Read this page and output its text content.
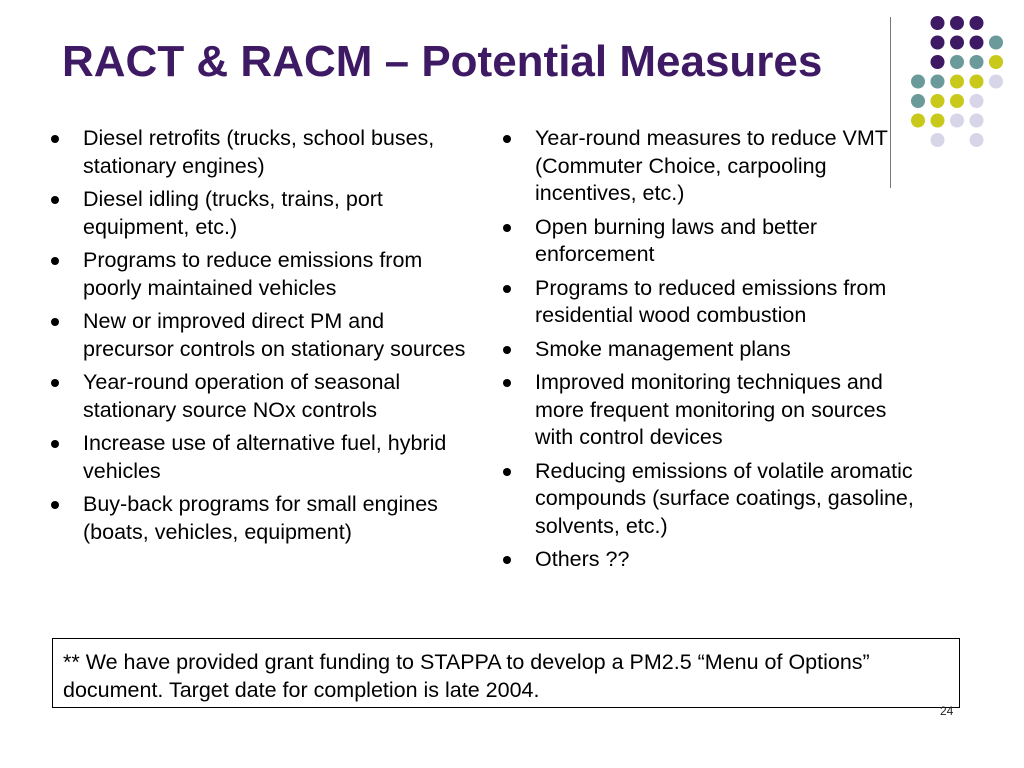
RACT & RACM – Potential Measures
Diesel retrofits (trucks, school buses, stationary engines)
Diesel idling (trucks, trains, port equipment, etc.)
Programs to reduce emissions from poorly maintained vehicles
New or improved direct PM and precursor controls on stationary sources
Year-round operation of seasonal stationary source NOx controls
Increase use of alternative fuel, hybrid vehicles
Buy-back programs for small engines (boats, vehicles, equipment)
Year-round measures to reduce VMT (Commuter Choice, carpooling incentives, etc.)
Open burning laws and better enforcement
Programs to reduced emissions from residential wood combustion
Smoke management plans
Improved monitoring techniques and more frequent monitoring on sources with control devices
Reducing emissions of volatile aromatic compounds (surface coatings, gasoline, solvents, etc.)
Others ??
** We have provided grant funding to STAPPA to develop a PM2.5 “Menu of Options” document. Target date for completion is late 2004.
24
